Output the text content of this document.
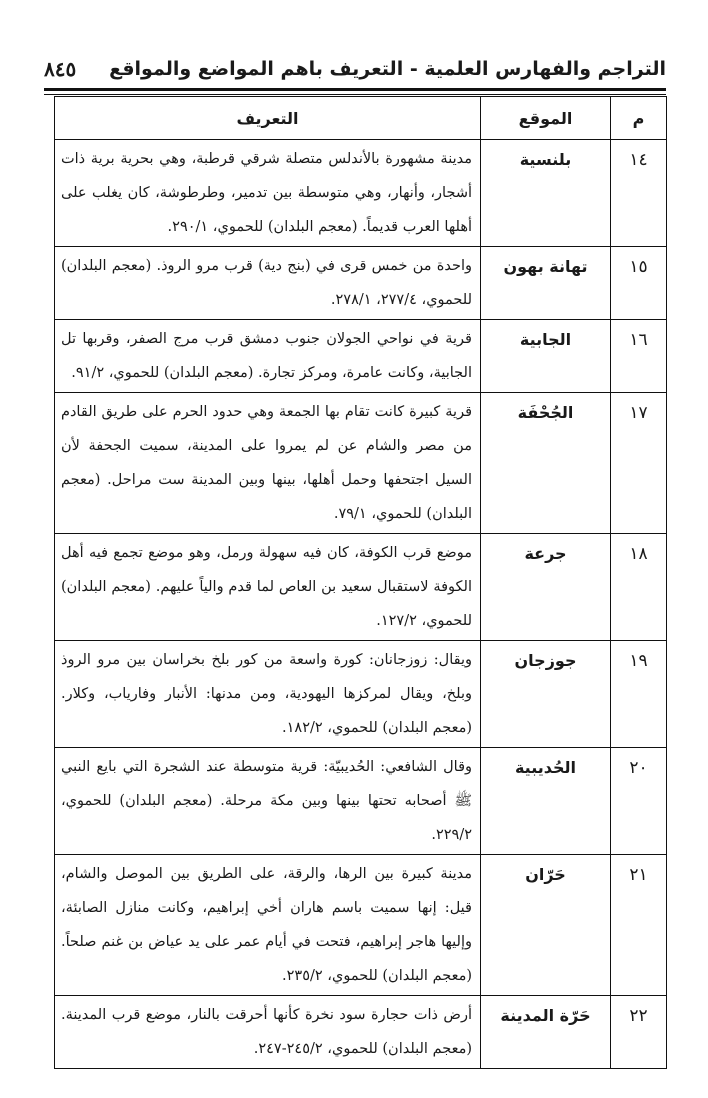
التراجم والفهارس العلمية - التعريف باهم المواضع والمواقع
٨٤٥
م	الموقع	التعريف
١٤	بلنسية	مدينة مشهورة بالأندلس متصلة شرقي قرطبة، وهي بحرية برية ذات أشجار، وأنهار، وهي متوسطة بين تدمير، وطرطوشة، كان يغلب على أهلها العرب قديماً. (معجم البلدان) للحموي، ٢٩٠/١.
١٥	تهانة بهون	واحدة من خمس قرى في (بنج دية) قرب مرو الروذ. (معجم البلدان) للحموي، ٢٧٧/٤، ٢٧٨/١.
١٦	الجابية	قرية في نواحي الجولان جنوب دمشق قرب مرج الصفر، وقربها تل الجابية، وكانت عامرة، ومركز تجارة. (معجم البلدان) للحموي، ٩١/٢.
١٧	الجُحْفَة	قرية كبيرة كانت تقام بها الجمعة وهي حدود الحرم على طريق القادم من مصر والشام عن لم يمروا على المدينة، سميت الجحفة لأن السيل اجتحفها وحمل أهلها، بينها وبين المدينة ست مراحل. (معجم البلدان) للحموي، ٧٩/١.
١٨	جرعة	موضع قرب الكوفة، كان فيه سهولة ورمل، وهو موضع تجمع فيه أهل الكوفة لاستقبال سعيد بن العاص لما قدم والياً عليهم. (معجم البلدان) للحموي، ١٢٧/٢.
١٩	جوزجان	ويقال: زوزجانان: كورة واسعة من كور بلخ بخراسان بين مرو الروذ وبلخ، ويقال لمركزها اليهودية، ومن مدنها: الأنبار وفارياب، وكلار. (معجم البلدان) للحموي، ١٨٢/٢.
٢٠	الحُديبية	وقال الشافعي: الحُديبيّة: قرية متوسطة عند الشجرة التي بايع النبي ﷺ أصحابه تحتها بينها وبين مكة مرحلة. (معجم البلدان) للحموي، ٢٢٩/٢.
٢١	حَرّان	مدينة كبيرة بين الرها، والرقة، على الطريق بين الموصل والشام، قيل: إنها سميت باسم هاران أخي إبراهيم، وكانت منازل الصابئة، وإليها هاجر إبراهيم، فتحت في أيام عمر على يد عياض بن غنم صلحاً. (معجم البلدان) للحموي، ٢٣٥/٢.
٢٢	حَرّة المدينة	أرض ذات حجارة سود نخرة كأنها أحرقت بالنار، موضع قرب المدينة. (معجم البلدان) للحموي، ٢٤٥/٢-٢٤٧.
